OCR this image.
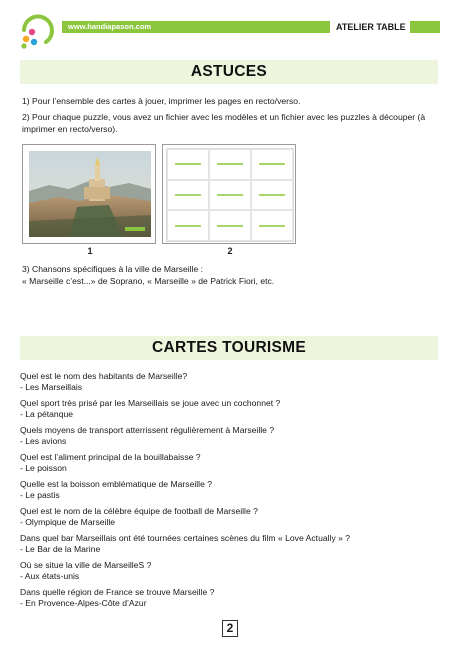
www.handiapason.com	ATELIER TABLE
ASTUCES
1) Pour l’ensemble des cartes à jouer, imprimer les pages en recto/verso.
2) Pour chaque puzzle, vous avez un fichier avec les modèles et un fichier avec les puzzles à découper (à imprimer en recto/verso).
1	2
3) Chansons spécifiques à la ville de Marseille :
« Marseille c’est...» de Soprano, « Marseille » de Patrick Fiori, etc.
CARTES TOURISME

Quel est le nom des habitants de Marseille?

- Les Marseillais

Quel sport très prisé par les Marseillais se joue avec un cochonnet ?

- La pétanque

Quels moyens de transport atterrissent régulièrement à Marseille ?

- Les avions

Quel est l’aliment principal de la bouillabaisse ?

- Le poisson

Quelle est la boisson emblématique de Marseille ?

- Le pastis

Quel est le nom de la célèbre équipe de football de Marseille ?

- Olympique de Marseille

Dans quel bar Marseillais ont été tournées certaines scènes du film « Love Actually » ?

- Le Bar de la Marine

Où se situe la ville de MarseilleS ?

- Aux états-unis

Dans quelle région de France se trouve Marseille ?

- En Provence-Alpes-Côte d’Azur

2
